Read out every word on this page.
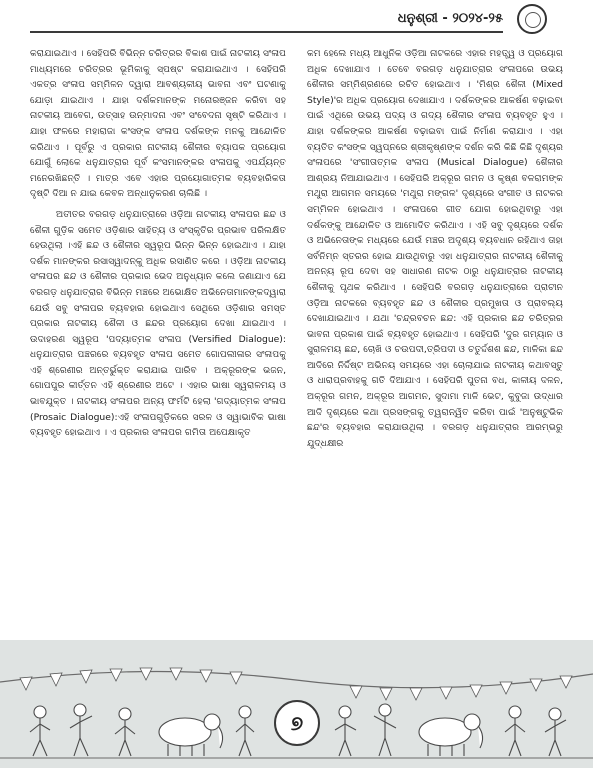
ଧନୁଶ୍ରୀ - ୨୦୨୪-୨୫

କରାଯାଇଥାଏ । ସେହିପରି ବିଭିନ୍ନ ଚରିତ୍ରର ବିକାଶ ପାଇଁ ନାଟକୀୟ ସଂଳାପ ମାଧ୍ୟମରେ ଚରିତ୍ରର ଭୂମିକାକୁ ସ୍ପଷ୍ଟ କରାଯାଇଥାଏ । ସେହିପରି ଏକତ୍ର ସଂଳାପ ସମ୍ମିଳନ ଦ୍ୱାରା ଆବଶ୍ୟକୀୟ ଭାବନା ଏବଂ ଘଟଣାକୁ ଯୋଡ଼ା ଯାଇଥାଏ । ଯାହା ଦର୍ଶକମାନଙ୍କ ମନୋରଞ୍ଜନ କରିବା ସହ ନାଟକୀୟ ଆବେଗ, ଉତ୍ସାହ ଉନ୍ମାଦନା ଏବଂ ସଂବେଦନା ସୃଷ୍ଟି କରିଥାଏ । ଯାହା ଫଳରେ ମହାରାଜା କଂସଙ୍କ ସଂଳାପ ଦର୍ଶକଙ୍କ ମନକୁ ଆନ୍ଦୋଳିତ କରିଥାଏ । ପୂର୍ବରୁ ଏ ପ୍ରକାର ନାଟକୀୟ ଶୈଳୀର ବ୍ୟାପକ ପ୍ରୟୋଗ ଯୋଗୁଁ ଲୋକେ ଧନୁଯାତ୍ରାର ପୂର୍ବ କଂସମାନଙ୍କର ସଂଳାପକୁ ଏପର୍ଯ୍ୟନ୍ତ ମନେରଖିଛନ୍ତି । ମାତ୍ର ଏବେ ଏହାର ପ୍ରୟୋଗାତ୍ମକ ବ୍ୟବହାରିକତା ଦୃଷ୍ଟି ଦିଆ ନ ଯାଇ କେବଳ ଅନ୍ଧାନୁକରଣ ଚାଲିଛି ।

ଅତୀତର ବରଗଡ଼ ଧନୁଯାତ୍ରାରେ ଓଡ଼ିଆ ନାଟକୀୟ ସଂଳାପର ଛନ୍ଦ ଓ ଶୈଳୀ ଗୁଡ଼ିକ ସମେତ ଓଡ଼ିଶାର ସାହିତ୍ୟ ଓ ସଂସ୍କୃତିର ପ୍ରଭାବ ପରିଲକ୍ଷିତ ହେଉଥିଲା ।ଏହି ଛନ୍ଦ ଓ ଶୈଳୀର ସ୍ୱରୂପ ଭିନ୍ନ ଭିନ୍ନ ହୋଇଥାଏ । ଯାହା ଦର୍ଶକ ମାନଙ୍କର ରସାସ୍ୱାଦନ୍କୁ ଅଧିକ ରସାଣିତ କରେ । ଓଡ଼ିଆ ନାଟକୀୟ ସଂଳାପର ଛନ୍ଦ ଓ ଶୈଳୀର ପ୍ରକାର ଭେଦ ଅନୁଧ୍ୟାନ କଲେ ଜଣାଯାଏ ଯେ ବରଗଡ଼ ଧନୁଯାତ୍ରାର ବିଭିନ୍ନ ମଞ୍ଚରେ ଅଭୋକ୍ଷିତ ଅଭିନେତାମାନଙ୍କଦ୍ୱାରା ଯେଉଁ ସବୁ ସଂଳାପର ବ୍ୟବହାର ହୋଇଥାଏ ସେଥିରେ ଓଡ଼ିଶାର ସମସ୍ତ ପ୍ରକାର ନାଟକୀୟ ଶୈଳୀ ଓ ଛନ୍ଦର ପ୍ରୟୋଗ ଦେଖା ଯାଇଥାଏ । ଉଦାହରଣ ସ୍ୱରୂପ 'ପଦ୍ୟାତ୍ମକ ସଂଳାପ (Versified Dialogue): ଧନୁଯାତ୍ରାର ପଞ୍ଚରରେ ବ୍ୟବହୃତ ସଂଳାପ ସମେତ ଗୋପଲୀଳାର ସଂଳାପକୁ ଏହି ଶ୍ରେଣୀର ଅନ୍ତର୍ଭୁକ୍ତ କରାଯାଇ ପାରିବ । ଅକ୍ରୂରଙ୍କ ଭଜନ, ଗୋପପୁର କୀର୍ତ୍ତନ ଏହି ଶ୍ରେଣୀର ଅଟେ । ଏହାର ଭାଷା ସ୍ୱରାଳମୟ ଓ ଭାବଯୁକ୍ତ । ନାଟକୀୟ ସଂଳାପର ଅନ୍ୟ ଫର୍ମଟି ହେଲା 'ଗଦ୍ୟାତ୍ମକ ସଂଳାପ (Prosaic Dialogue):ଏହି ସଂଳାପଗୁଡ଼ିକରେ ସରଳ ଓ ସ୍ୱାଭାବିକ ଭାଷା ବ୍ୟବହୃତ ହୋଇଥାଏ । ଏ ପ୍ରକାର ସଂଳାପର ଗମିତା ଅପେକ୍ଷାକୃତ

କମ ହେଲେ ମଧ୍ୟ ଆଧୁନିକ ଓଡ଼ିଆ ନାଟକରେ ଏହାର ମହତ୍ତ୍ୱ ଓ ପ୍ରୟୋଗ ଅଧିକ ଦେଖାଯାଏ । ତେବେ ବରଗଡ଼ ଧନୁଯାତ୍ରାର ସଂଳାପରେ ଉଭୟ ଶୈଳୀର ସମ୍ମିଶ୍ରଣରେ ରଚିତ ହୋଇଥାଏ । 'ମିଶ୍ର ଶୈଳୀ (Mixed Style)'ର ଅଧିକ ପ୍ରୟୋଗ ଦେଖାଯାଏ । ଦର୍ଶକଙ୍କର ଆକର୍ଷଣ ବଢ଼ାଇବା ପାଇଁ ଏଥିରେ ଉଭୟ ପଦ୍ୟ ଓ ଗଦ୍ୟ ଶୈଳୀର ସଂଳାପ ବ୍ୟବହୃତ ହୁଏ । ଯାହା ଦର୍ଶକଙ୍କର ଆକର୍ଷଣ ବଢ଼ାଇବା ପାଇଁ ନିର୍ମାଣ କରାଯାଏ । ଏହା ବ୍ୟତିତ କଂସଙ୍କ ସ୍ୱପ୍ନରେ ଶ୍ରୀକୃଷ୍ଣଙ୍କ ଦର୍ଶନ କରି କିଛି କିଛି ଦୃଶ୍ୟର ସଂଳାପରେ 'ସଂଗୀତାତ୍ମକ ସଂଳାପ (Musical Dialogue) ଶୈଳୀର ଆଶ୍ରୟ ନିଆଯାଇଥାଏ । ସେହିପରି ଅକ୍ରୂର ଗମନ ଓ କୃଷ୍ଣ ବଳରାମଙ୍କ ମଥୁରା ଆଗମନ ସମୟରେ 'ମଥୁରା ମଙ୍ଗଳ' ଦୃଶ୍ୟରେ ସଂଗୀତ ଓ ନାଟକର ସମ୍ମିଳନ ହୋଇଥାଏ । ସଂଳାପରେ ଗୀତ ଯୋଗ ହୋଇଥିବାରୁ ଏହା ଦର୍ଶକଙ୍କୁ ଆନ୍ଦୋଳିତ ଓ ଆମୋଦିତ କରିଥାଏ । ଏହି ସବୁ ଦୃଶ୍ୟରେ ଦର୍ଶକ ଓ ଅଭିନେତାଙ୍କ ମଧ୍ୟରେ ଯେଉଁ ମଞ୍ଚର ଅଦୃଶ୍ୟ ବ୍ୟବଧାନ ରହିଥାଏ ତାହା ସର୍ବନିମ୍ନ ସ୍ତରର ହୋଇ ଯାଉଥିବାରୁ ଏହା ଧନୁଯାତ୍ରାର ନାଟକୀୟ ଶୈଳୀକୁ ଅନନ୍ୟ ରୂପ ଦେବା ସହ ସାଧାରଣ ନାଟକ ଠାରୁ ଧନୁଯାତ୍ରାର ନାଟକୀୟ ଶୈଳୀକୁ ପୃଥକ କରିଥାଏ । ସେହିପରି ବରଗଡ଼ ଧନୁଯାତ୍ରାରେ ପ୍ରାଚୀନ ଓଡ଼ିଆ ନାଟକରେ ବ୍ୟବହୃତ ଛନ୍ଦ ଓ ଶୈଳୀର ପ୍ରମୁଖତା ଓ ପ୍ରାବଲ୍ୟ ଦେଖାଯାଇଥାଏ । ଯଥା 'ଚନ୍ଦ୍ରବଚନ ଛନ୍ଦ: ଏହି ପ୍ରକାର ଛନ୍ଦ ଚରିତ୍ରର ଭାବନା ପ୍ରକାଶ ପାଇଁ ବ୍ୟବହୃତ ହୋଇଥାଏ । ସେହିପରି 'ଦୁର ଗମ୍ୟାନ ଓ ସୁରାଳମୟ ଛନ୍ଦ, ଚୋଖି ଓ ଚଉପଦୀ,ତ୍ରିପଦୀ ଓ ଚତୁର୍ଦ୍ଦଶଶ ଛନ୍ଦ, ମାଳିକା ଛନ୍ଦ ଆଦିରେ ନିର୍ଦ୍ଦିଷ୍ଟ ଅଭିନୟ ସମୟରେ ଏହା ଚୋଲାଯାଇ ନାଟକୀୟ କଥାବସ୍ତୁ ଓ ଧାରାପ୍ରବାହକୁ ଗତି ଦିଆଯାଏ । ସେହିପରି ପୁତନା ବଧ, କାଳୀୟ ଦଳନ, ଅକ୍ରୂର ଗମନ, ଅକ୍ରୂର ଆଗମନ, ସୁଦାମା ମାଳି ଭେଟ, କୁବୁଜା ଉଦ୍ଧାର ଆଦି ଦୃଶ୍ୟରେ କଥା ପ୍ରସଙ୍ଗକୁ ତ୍ୱରାନ୍ୱିତ କରିବା ପାଇଁ 'ଅନୁଷ୍ଟୁଭିକ ଛନ୍ଦ'ର ବ୍ୟବହାର କରାଯାଉଥିଲା । ବରଗଡ଼ ଧନୁଯାତ୍ରାର ଆରମ୍ଭରୁ ଯୁଦ୍ଧକ୍ଷୀର

୭
